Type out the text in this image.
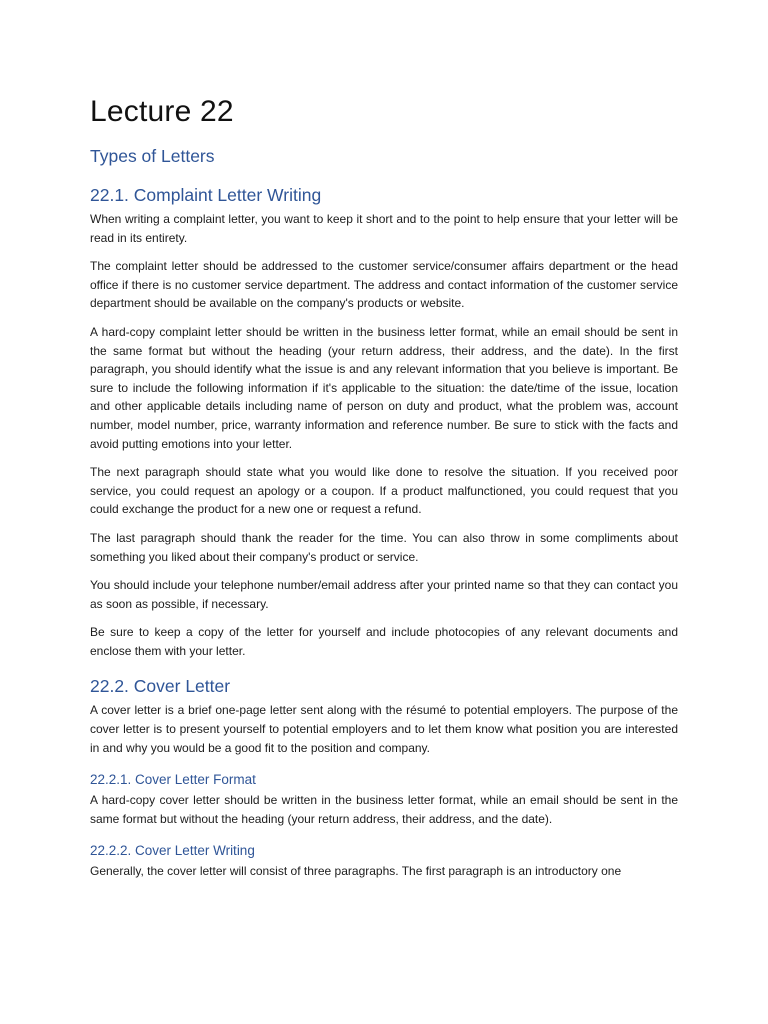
Lecture 22
Types of Letters
22.1. Complaint Letter Writing

When writing a complaint letter, you want to keep it short and to the point to help ensure that your letter will be read in its entirety.

The complaint letter should be addressed to the customer service/consumer affairs department or the head office if there is no customer service department. The address and contact information of the customer service department should be available on the company's products or website.

A hard-copy complaint letter should be written in the business letter format, while an email should be sent in the same format but without the heading (your return address, their address, and the date). In the first paragraph, you should identify what the issue is and any relevant information that you believe is important. Be sure to include the following information if it's applicable to the situation: the date/time of the issue, location and other applicable details including name of person on duty and product, what the problem was, account number, model number, price, warranty information and reference number. Be sure to stick with the facts and avoid putting emotions into your letter.

The next paragraph should state what you would like done to resolve the situation. If you received poor service, you could request an apology or a coupon. If a product malfunctioned, you could request that you could exchange the product for a new one or request a refund.

The last paragraph should thank the reader for the time. You can also throw in some compliments about something you liked about their company's product or service.

You should include your telephone number/email address after your printed name so that they can contact you as soon as possible, if necessary.

Be sure to keep a copy of the letter for yourself and include photocopies of any relevant documents and enclose them with your letter.

22.2. Cover Letter

A cover letter is a brief one-page letter sent along with the résumé to potential employers. The purpose of the cover letter is to present yourself to potential employers and to let them know what position you are interested in and why you would be a good fit to the position and company.

22.2.1. Cover Letter Format

A hard-copy cover letter should be written in the business letter format, while an email should be sent in the same format but without the heading (your return address, their address, and the date).

22.2.2. Cover Letter Writing

Generally, the cover letter will consist of three paragraphs. The first paragraph is an introductory one
